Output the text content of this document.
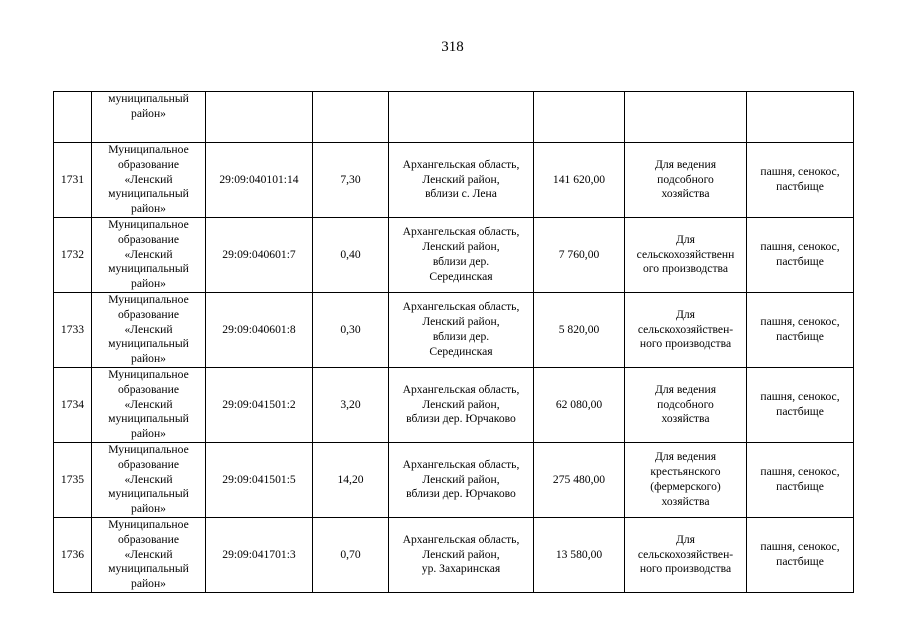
318
	муниципальный
район»						
1731	Муниципальное
образование
«Ленский
муниципальный
район»	29:09:040101:14	7,30	Архангельская область,
Ленский район,
вблизи с. Лена	141 620,00	Для ведения
подсобного
хозяйства	пашня, сенокос,
пастбище
1732	Муниципальное
образование
«Ленский
муниципальный
район»	29:09:040601:7	0,40	Архангельская область,
Ленский район,
вблизи дер.
Серединская	7 760,00	Для
сельскохозяйственн
ого производства	пашня, сенокос,
пастбище
1733	Муниципальное
образование
«Ленский
муниципальный
район»	29:09:040601:8	0,30	Архангельская область,
Ленский район,
вблизи дер.
Серединская	5 820,00	Для
сельскохозяйствен-
ного производства	пашня, сенокос,
пастбище
1734	Муниципальное
образование
«Ленский
муниципальный
район»	29:09:041501:2	3,20	Архангельская область,
Ленский район,
вблизи дер. Юрчаково	62 080,00	Для ведения
подсобного
хозяйства	пашня, сенокос,
пастбище
1735	Муниципальное
образование
«Ленский
муниципальный
район»	29:09:041501:5	14,20	Архангельская область,
Ленский район,
вблизи дер. Юрчаково	275 480,00	Для ведения
крестьянского
(фермерского)
хозяйства	пашня, сенокос,
пастбище
1736	Муниципальное
образование
«Ленский
муниципальный
район»	29:09:041701:3	0,70	Архангельская область,
Ленский район,
ур. Захаринская	13 580,00	Для
сельскохозяйствен-
ного производства	пашня, сенокос,
пастбище
